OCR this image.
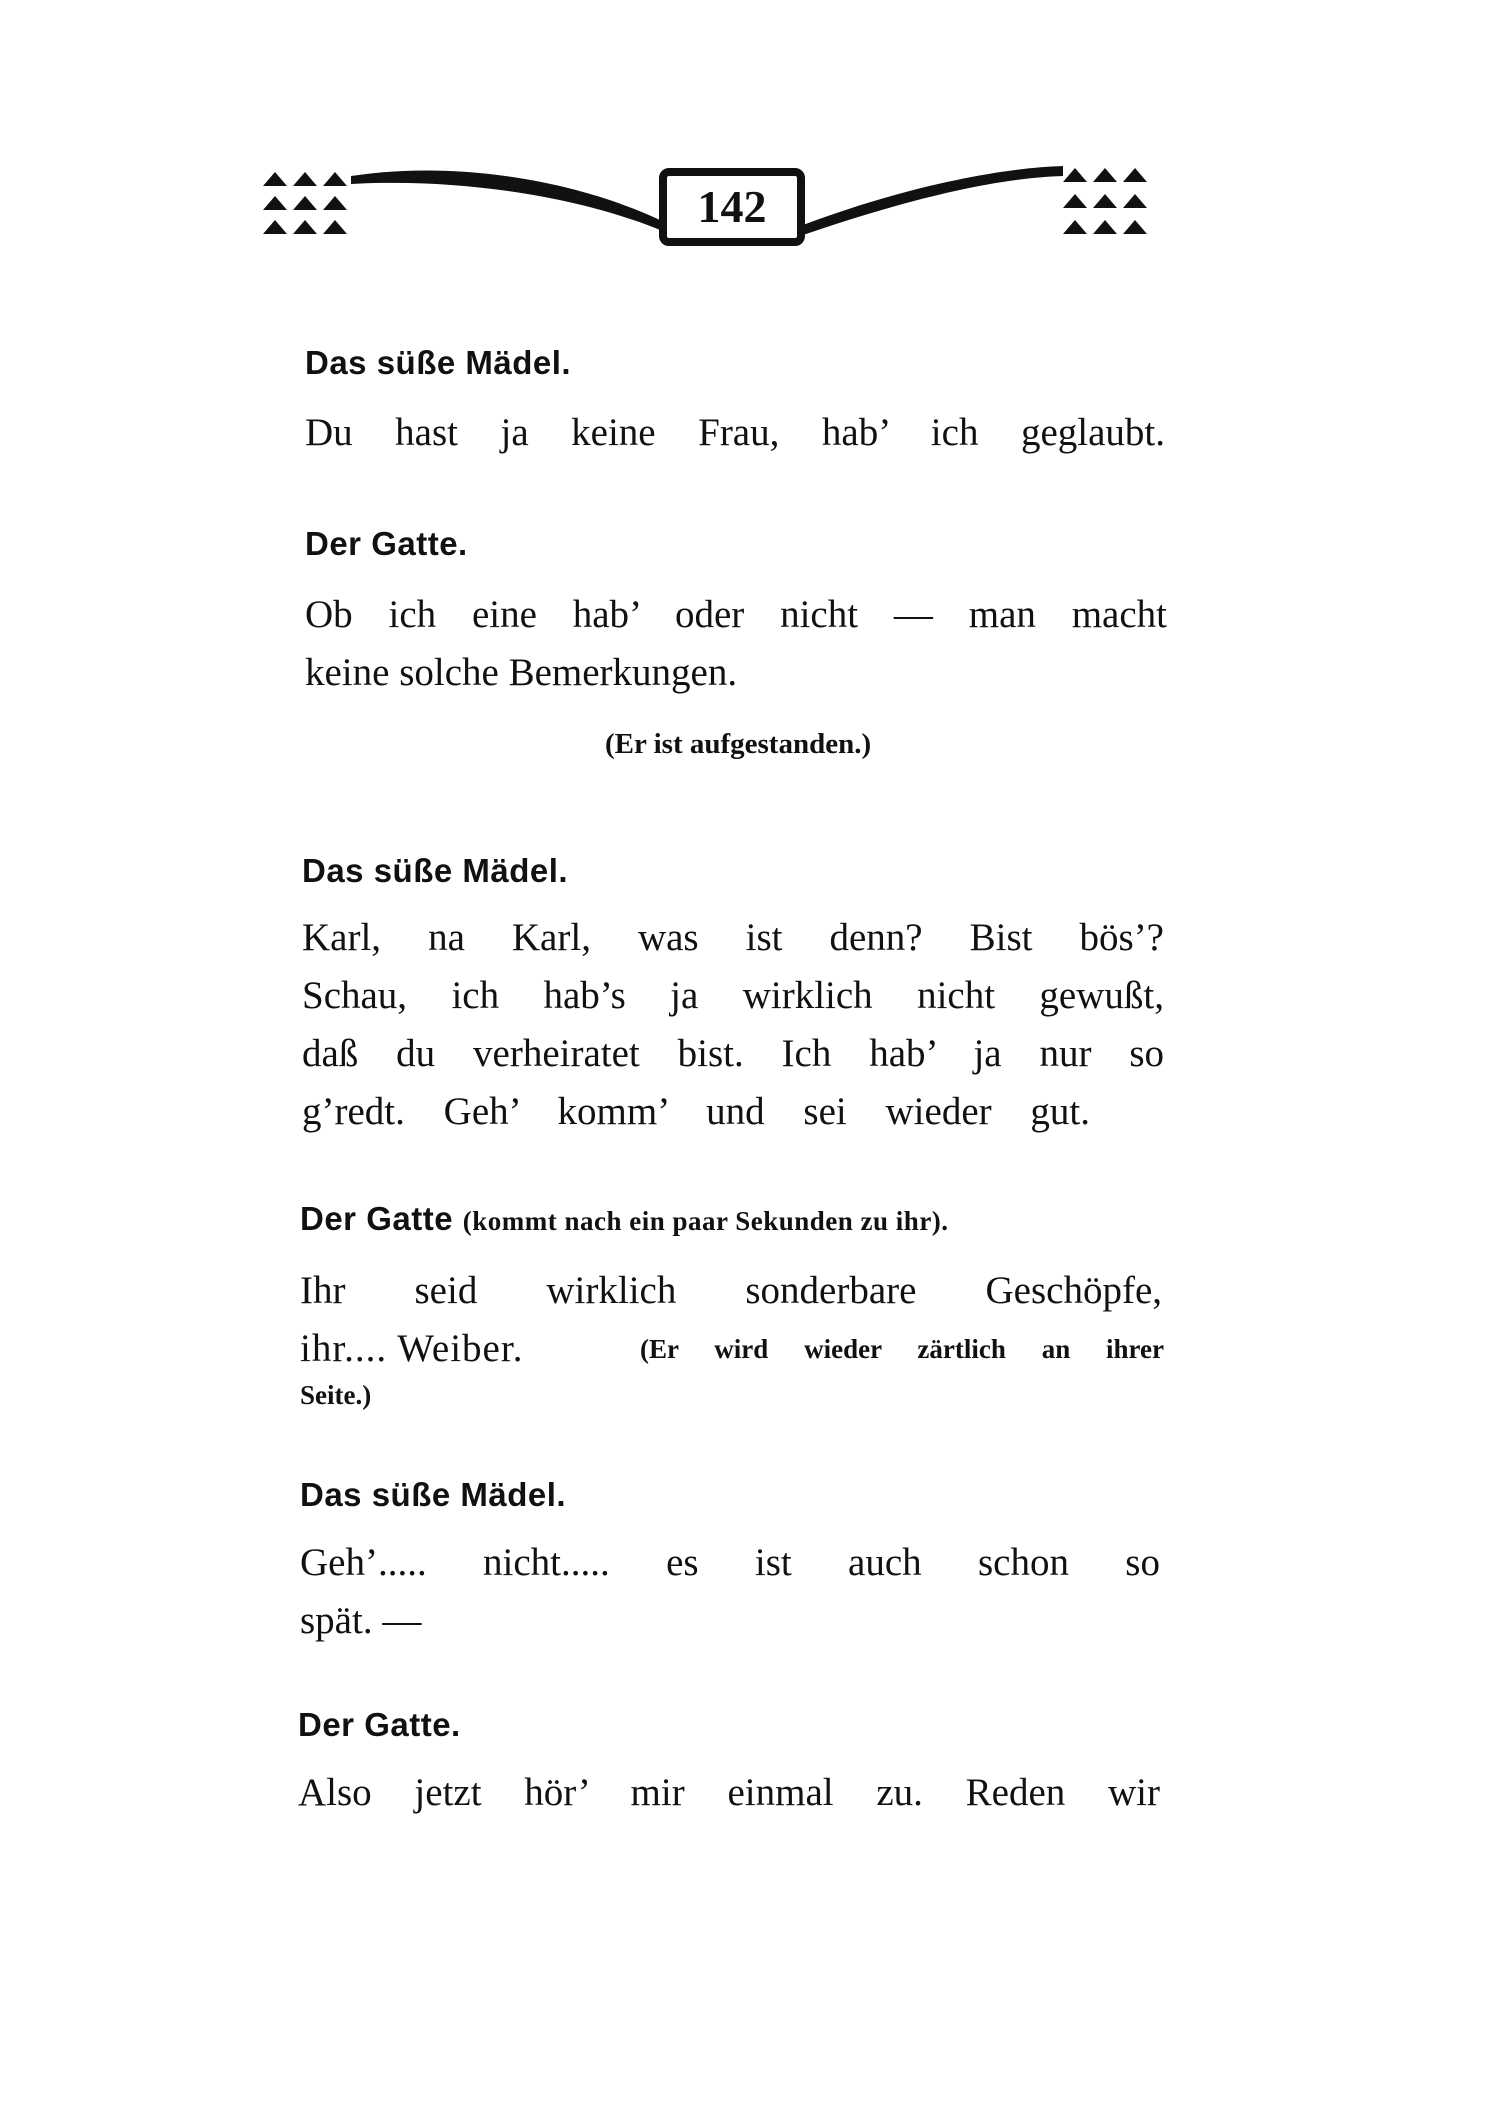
142
Das süße Mädel.
Du hast ja keine Frau, hab’ ich geglaubt.
Der Gatte.
Ob ich eine hab’ oder nicht — man macht
keine solche Bemerkungen.
(Er ist aufgestanden.)
Das süße Mädel.
Karl, na Karl, was ist denn? Bist bös’?
Schau, ich hab’s ja wirklich nicht gewußt,
daß du verheiratet bist. Ich hab’ ja nur so
g’redt. Geh’ komm’ und sei wieder gut.
Der Gatte (kommt nach ein paar Sekunden zu ihr).
Ihr seid wirklich sonderbare Geschöpfe,
ihr.... Weiber.	(Er wird wieder zärtlich an ihrer
Seite.)
Das süße Mädel.
Geh’..... nicht..... es ist auch schon so
spät. —
Der Gatte.
Also jetzt hör’ mir einmal zu. Reden wir
